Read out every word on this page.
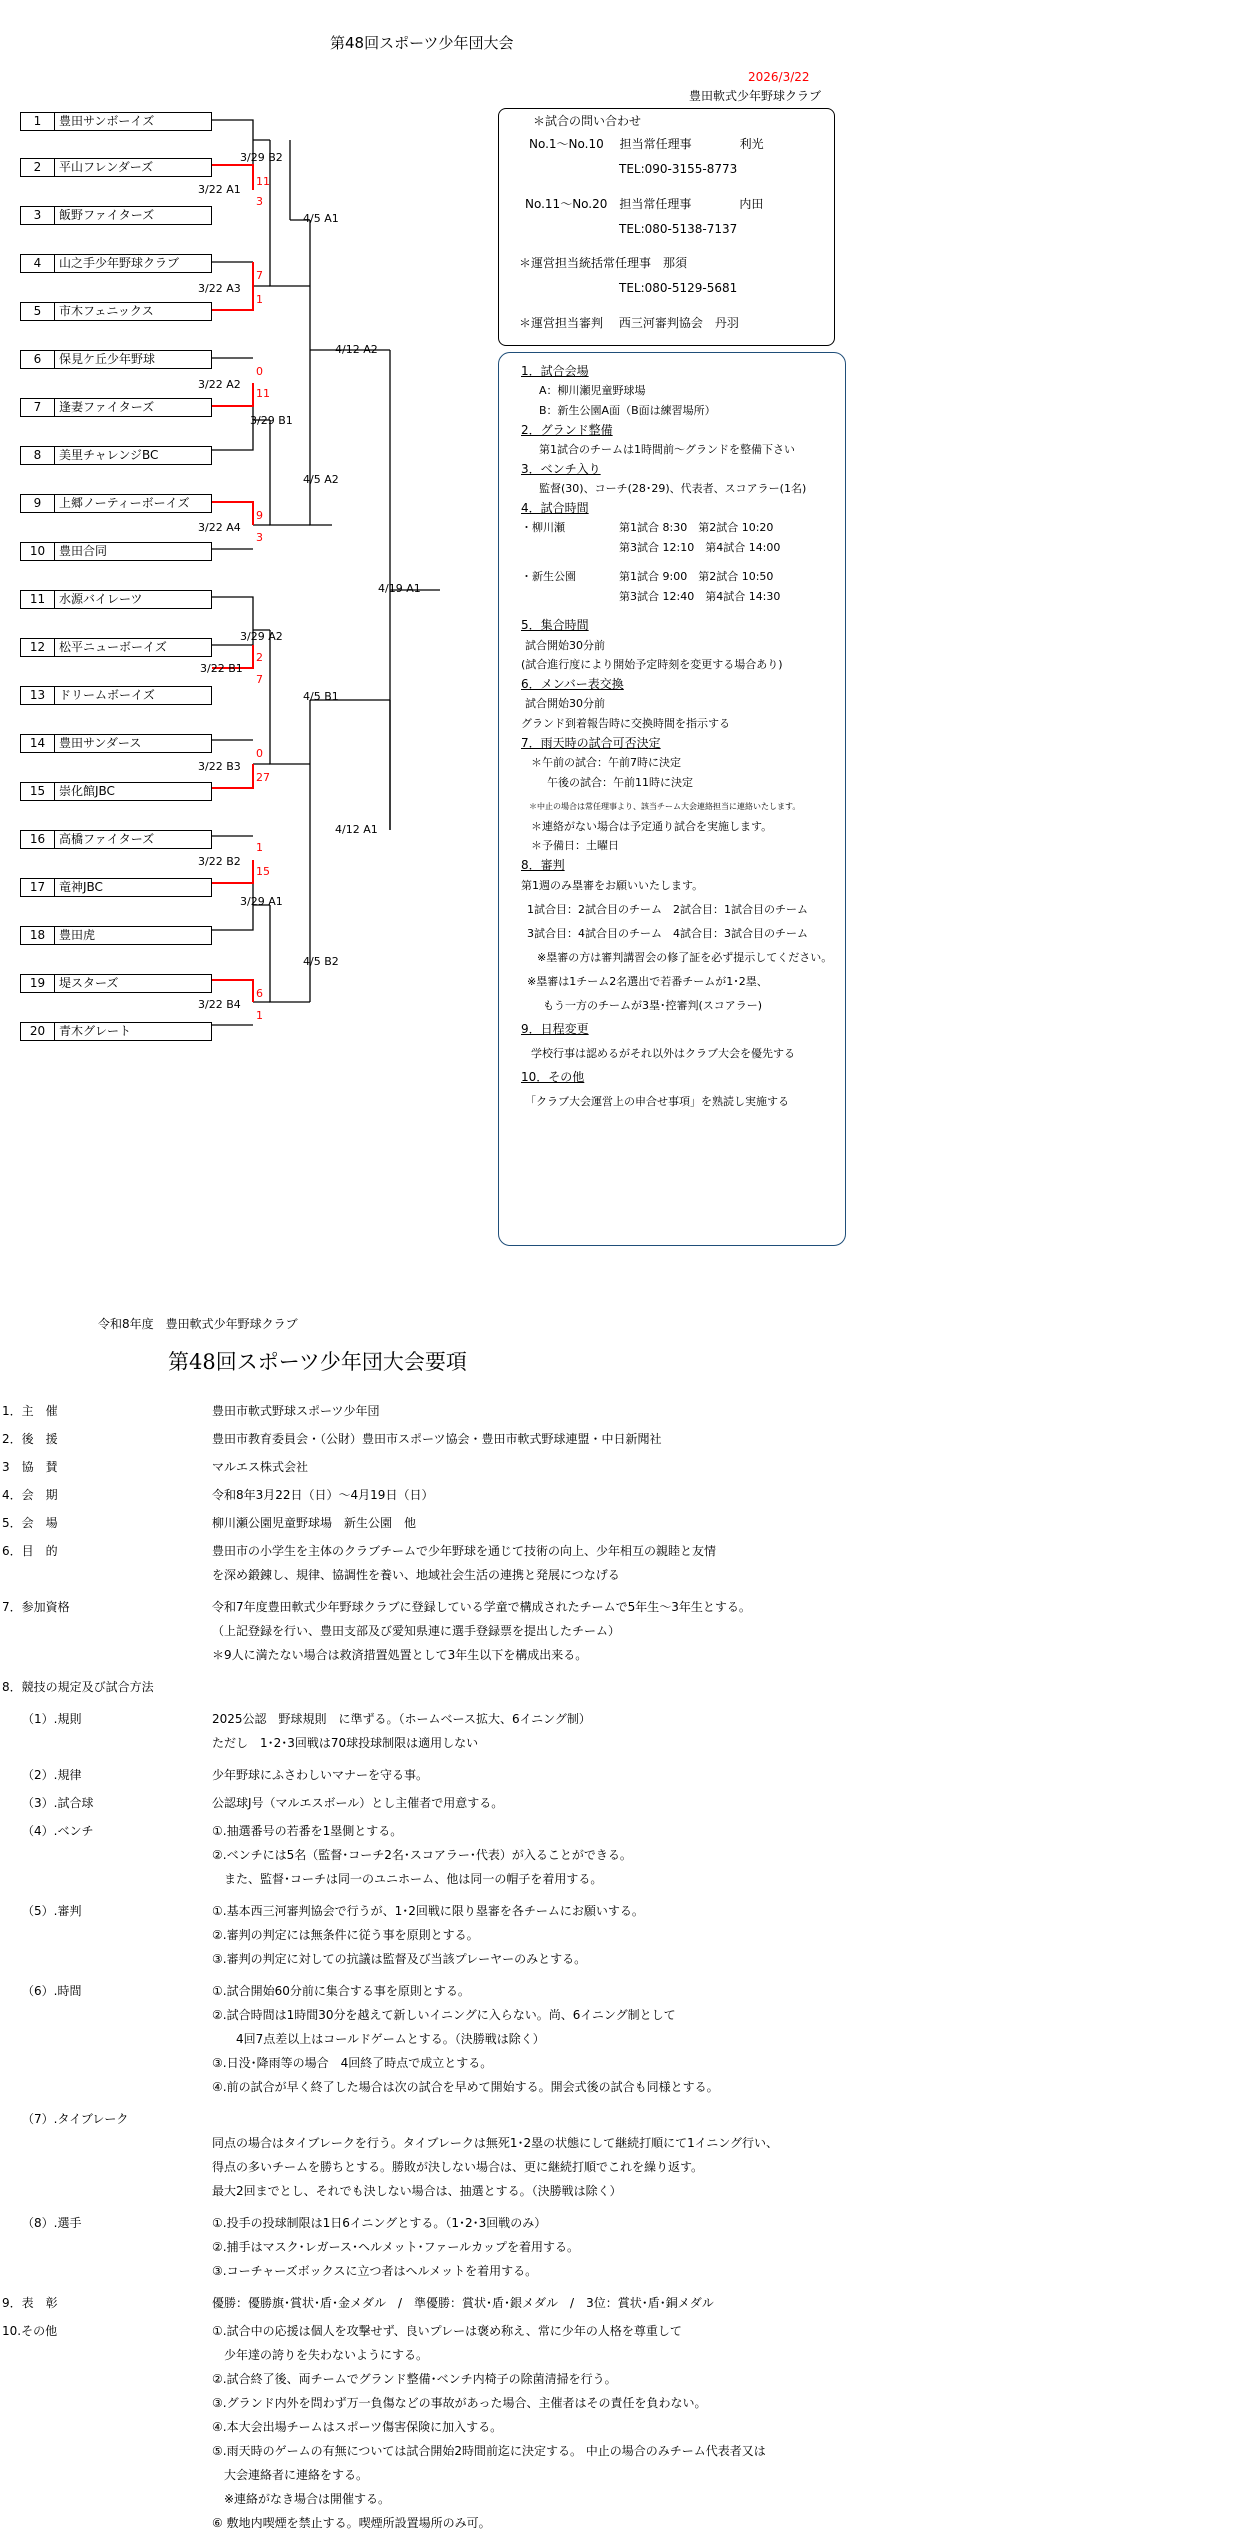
第48回スポーツ少年団大会
2026/3/22
豊田軟式少年野球クラブ
1	豊田サンボーイズ
2	平山フレンダーズ
3	飯野ファイターズ
4	山之手少年野球クラブ
5	市木フェニックス
6	保見ケ丘少年野球
7	逢妻ファイターズ
8	美里チャレンジBC
9	上郷ノーティーボーイズ
10	豊田合同
11	水源バイレーツ
12	松平ニューボーイズ
13	ドリームボーイズ
14	豊田サンダース
15	崇化館JBC
16	高橋ファイターズ
17	竜神JBC
18	豊田虎
19	堤スターズ
20	青木グレート
3/22 A1
11
3
3/22 A3
7
1
3/22 A2
0
11
3/22 A4
9
3
3/22 B1
2
7
3/22 B3
0
27
3/22 B2
1
15
3/22 B4
6
1
3/29 B2
3/29 B1
3/29 A2
3/29 A1
4/5 A1
4/5 A2
4/5 B1
4/5 B2
4/12 A2
4/12 A1
4/19 A1
＊試合の問い合わせ
No.1～No.10　 担当常任理事　　　　利光
TEL:090-3155-8773
No.11～No.20　担当常任理事　　　　内田
TEL:080-5138-7137
＊運営担当統括常任理事　那須
TEL:080-5129-5681
＊運営担当審判　 西三河審判協会　丹羽
1．試合会場
A：柳川瀬児童野球場
B：新生公園A面（B面は練習場所）
2．グランド整備
第1試合のチームは1時間前～グランドを整備下さい
3．ベンチ入り
監督(30)、コーチ(28･29)、代表者、スコアラー(1名)
4．試合時間
・柳川瀬	第1試合 8:30　第2試合 10:20
第3試合 12:10　第4試合 14:00
・新生公園	第1試合 9:00　第2試合 10:50
第3試合 12:40　第4試合 14:30
5．集合時間
試合開始30分前
(試合進行度により開始予定時刻を変更する場合あり)
6．メンバー表交換
試合開始30分前
グランド到着報告時に交換時間を指示する
7．雨天時の試合可否決定
＊午前の試合：午前7時に決定
午後の試合：午前11時に決定
＊中止の場合は常任理事より、該当チーム大会連絡担当に連絡いたします。
＊連絡がない場合は予定通り試合を実施します。
＊予備日：土曜日
8．審判
第1週のみ塁審をお願いいたします。
1試合目：2試合目のチーム　2試合目：1試合目のチーム
3試合目：4試合目のチーム　4試合目：3試合目のチーム
※塁審の方は審判講習会の修了証を必ず提示してください。
※塁審は1チーム2名選出で若番チームが1･2塁、
もう一方のチームが3塁･控審判(スコアラー)
9．日程変更
学校行事は認めるがそれ以外はクラブ大会を優先する
10．その他
「クラブ大会運営上の申合せ事項」を熟読し実施する
令和8年度　豊田軟式少年野球クラブ
第48回スポーツ少年団大会要項
1．主　催	豊田市軟式野球スポーツ少年団
2．後　援	豊田市教育委員会・（公財）豊田市スポーツ協会・豊田市軟式野球連盟・中日新聞社
3　協　賛	マルエス株式会社
4．会　期	令和8年3月22日（日）～4月19日（日）
5．会　場	柳川瀬公園児童野球場　新生公園　他
6．目　的	豊田市の小学生を主体のクラブチームで少年野球を通じて技術の向上、少年相互の親睦と友情
を深め鍛錬し、規律、協調性を養い、地域社会生活の連携と発展につなげる
7．参加資格	令和7年度豊田軟式少年野球クラブに登録している学童で構成されたチームで5年生～3年生とする。
（上記登録を行い、豊田支部及び愛知県連に選手登録票を提出したチーム）
＊9人に満たない場合は救済措置処置として3年生以下を構成出来る。
8．競技の規定及び試合方法
（1）.規則	2025公認　野球規則　に準ずる。（ホームベース拡大、6イニング制）
ただし　1･2･3回戦は70球投球制限は適用しない
（2）.規律	少年野球にふさわしいマナーを守る事。
（3）.試合球	公認球J号（マルエスボール）とし主催者で用意する。
（4）.ベンチ	①.抽選番号の若番を1塁側とする。
②.ベンチには5名（監督･コーチ2名･スコアラー･代表）が入ることができる。
　また、監督･コーチは同一のユニホーム、他は同一の帽子を着用する。
（5）.審判	①.基本西三河審判協会で行うが、1･2回戦に限り塁審を各チームにお願いする。
②.審判の判定には無条件に従う事を原則とする。
③.審判の判定に対しての抗議は監督及び当該プレーヤーのみとする。
（6）.時間	①.試合開始60分前に集合する事を原則とする。
②.試合時間は1時間30分を越えて新しいイニングに入らない。尚、6イニング制として
　　4回7点差以上はコールドゲームとする。（決勝戦は除く）
③.日没･降雨等の場合　4回終了時点で成立とする。
④.前の試合が早く終了した場合は次の試合を早めて開始する。開会式後の試合も同様とする。
（7）.タイブレーク
同点の場合はタイブレークを行う。タイブレークは無死1･2塁の状態にして継続打順にて1イニング行い、
得点の多いチームを勝ちとする。勝敗が決しない場合は、更に継続打順でこれを繰り返す。
最大2回までとし、それでも決しない場合は、抽選とする。（決勝戦は除く）
（8）.選手	①.投手の投球制限は1日6イニングとする。（1･2･3回戦のみ）
②.捕手はマスク･レガース･ヘルメット･ファールカップを着用する。
③.コーチャーズボックスに立つ者はヘルメットを着用する。
9．表　彰	優勝：優勝旗･賞状･盾･金メダル　/　準優勝：賞状･盾･銀メダル　/　3位：賞状･盾･銅メダル
10.その他	①.試合中の応援は個人を攻撃せず、良いプレーは褒め称え、常に少年の人格を尊重して
　少年達の誇りを失わないようにする。
②.試合終了後、両チームでグランド整備･ベンチ内椅子の除菌清掃を行う。
③.グランド内外を問わず万一負傷などの事故があった場合、主催者はその責任を負わない。
④.本大会出場チームはスポーツ傷害保険に加入する。
⑤.雨天時のゲームの有無については試合開始2時間前迄に決定する。 中止の場合のみチーム代表者又は
　大会連絡者に連絡をする。
　※連絡がなき場合は開催する。
⑥ 敷地内喫煙を禁止する。喫煙所設置場所のみ可。
